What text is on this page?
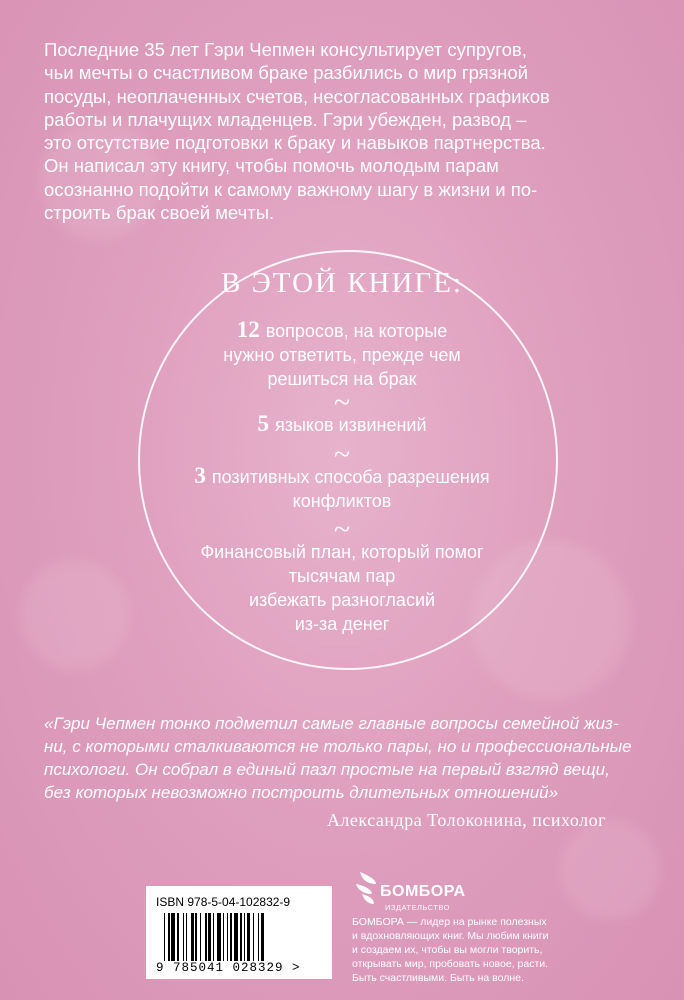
Последние 35 лет Гэри Чепмен консультирует супругов,

чьи мечты о счастливом браке разбились о мир грязной

посуды, неоплаченных счетов, несогласованных графиков

работы и плачущих младенцев. Гэри убежден, развод –

это отсутствие подготовки к браку и навыков партнерства.

Он написал эту книгу, чтобы помочь молодым парам

осознанно подойти к самому важному шагу в жизни и по-

строить брак своей мечты.

В ЭТОЙ КНИГЕ:
12 вопросов, на которые
нужно ответить, прежде чем
решиться на брак
~
5 языков извинений
~
3 позитивных способа разрешения
конфликтов
~
Финансовый план, который помог
тысячам пар
избежать разногласий
из-за денег
«Гэри Чепмен тонко подметил самые главные вопросы семейной жиз-
ни, с которыми сталкиваются не только пары, но и профессиональные
психологи. Он собрал в единый пазл простые на первый взгляд вещи,
без которых невозможно построить длительных отношений»
Александра Толоконина, психолог
ISBN 978-5-04-102832-9
9 785041 028329 >
БОМБОРА
ИЗДАТЕЛЬСТВО
БОМБОРА — лидер на рынке полезных
и вдохновляющих книг. Мы любим книги
и создаем их, чтобы вы могли творить,
открывать мир, пробовать новое, расти.
Быть счастливыми. Быть на волне.
